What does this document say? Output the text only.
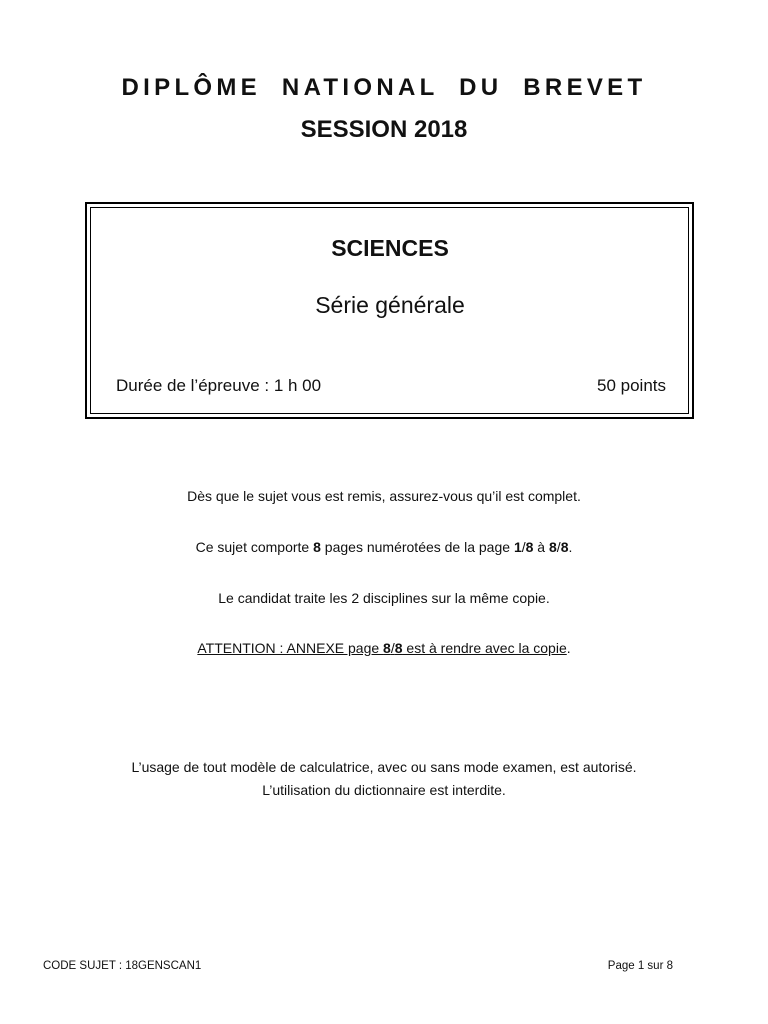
DIPLÔME NATIONAL DU BREVET
SESSION 2018
SCIENCES
Série générale
Durée de l’épreuve : 1 h 00	50 points
Dès que le sujet vous est remis, assurez-vous qu’il est complet.
Ce sujet comporte 8 pages numérotées de la page 1/8 à 8/8.
Le candidat traite les 2 disciplines sur la même copie.
ATTENTION : ANNEXE page 8/8 est à rendre avec la copie.
L’usage de tout modèle de calculatrice, avec ou sans mode examen, est autorisé.
L’utilisation du dictionnaire est interdite.
CODE SUJET : 18GENSCAN1	Page 1 sur 8
